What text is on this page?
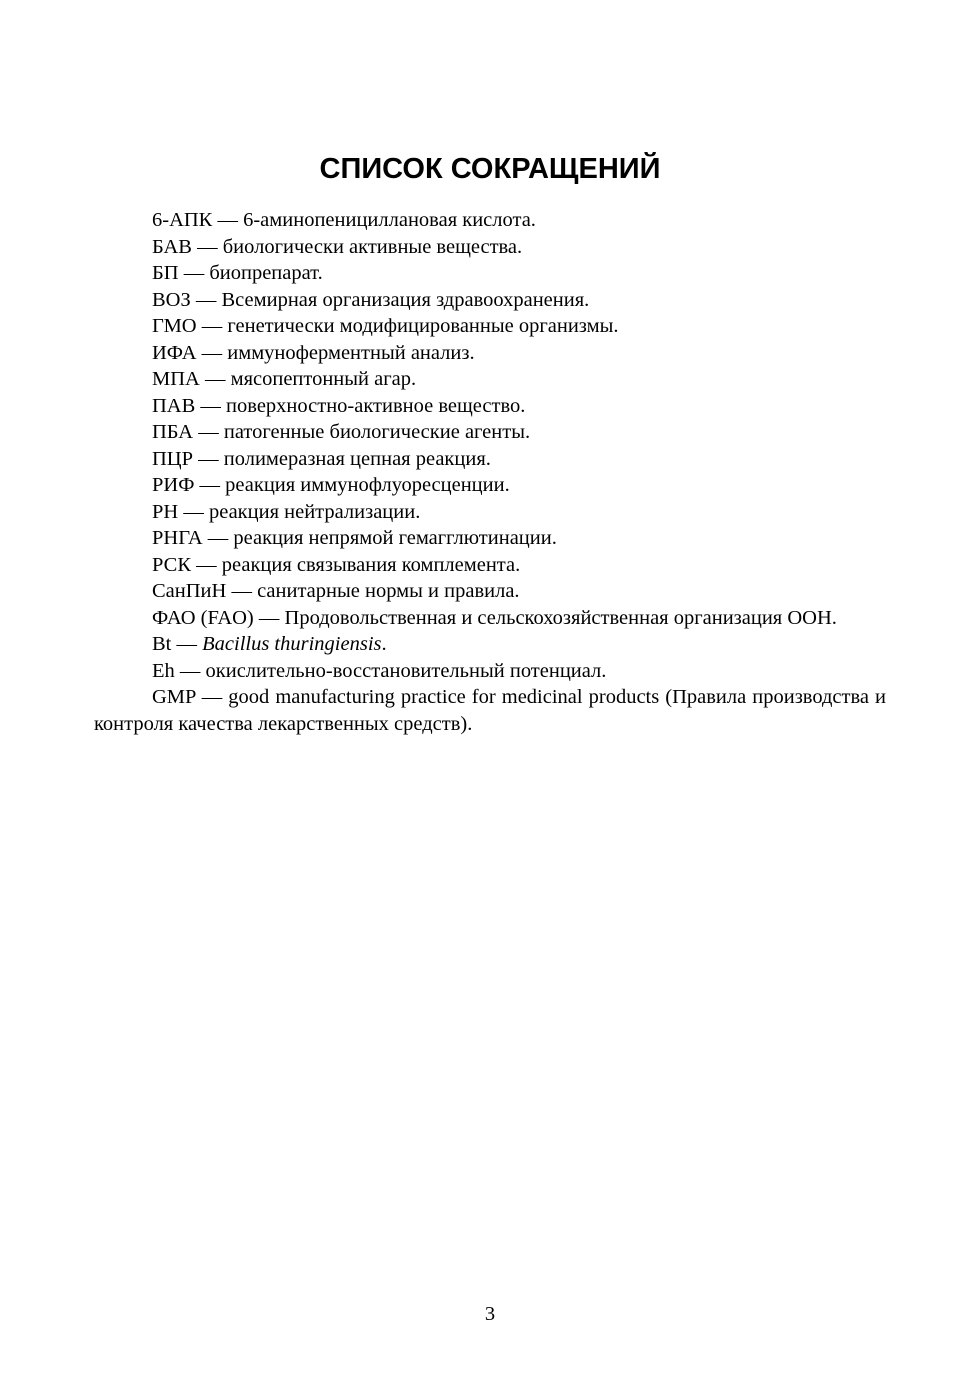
СПИСОК СОКРАЩЕНИЙ

6-АПК — 6-аминопенициллановая кислота.

БАВ — биологически активные вещества.

БП — биопрепарат.

ВОЗ — Всемирная организация здравоохранения.

ГМО — генетически модифицированные организмы.

ИФА — иммуноферментный анализ.

МПА — мясопептонный агар.

ПАВ — поверхностно-активное вещество.

ПБА — патогенные биологические агенты.

ПЦР — полимеразная цепная реакция.

РИФ — реакция иммунофлуоресценции.

РН — реакция нейтрализации.

РНГА — реакция непрямой гемагглютинации.

РСК — реакция связывания комплемента.

СанПиН — санитарные нормы и правила.

ФАО (FAO) — Продовольственная и сельскохозяйственная организация ООН.

Bt — Bacillus thuringiensis.

Eh — окислительно-восстановительный потенциал.

GMP — good manufacturing practice for medicinal products (Правила производства и контроля качества лекарственных средств).

3
